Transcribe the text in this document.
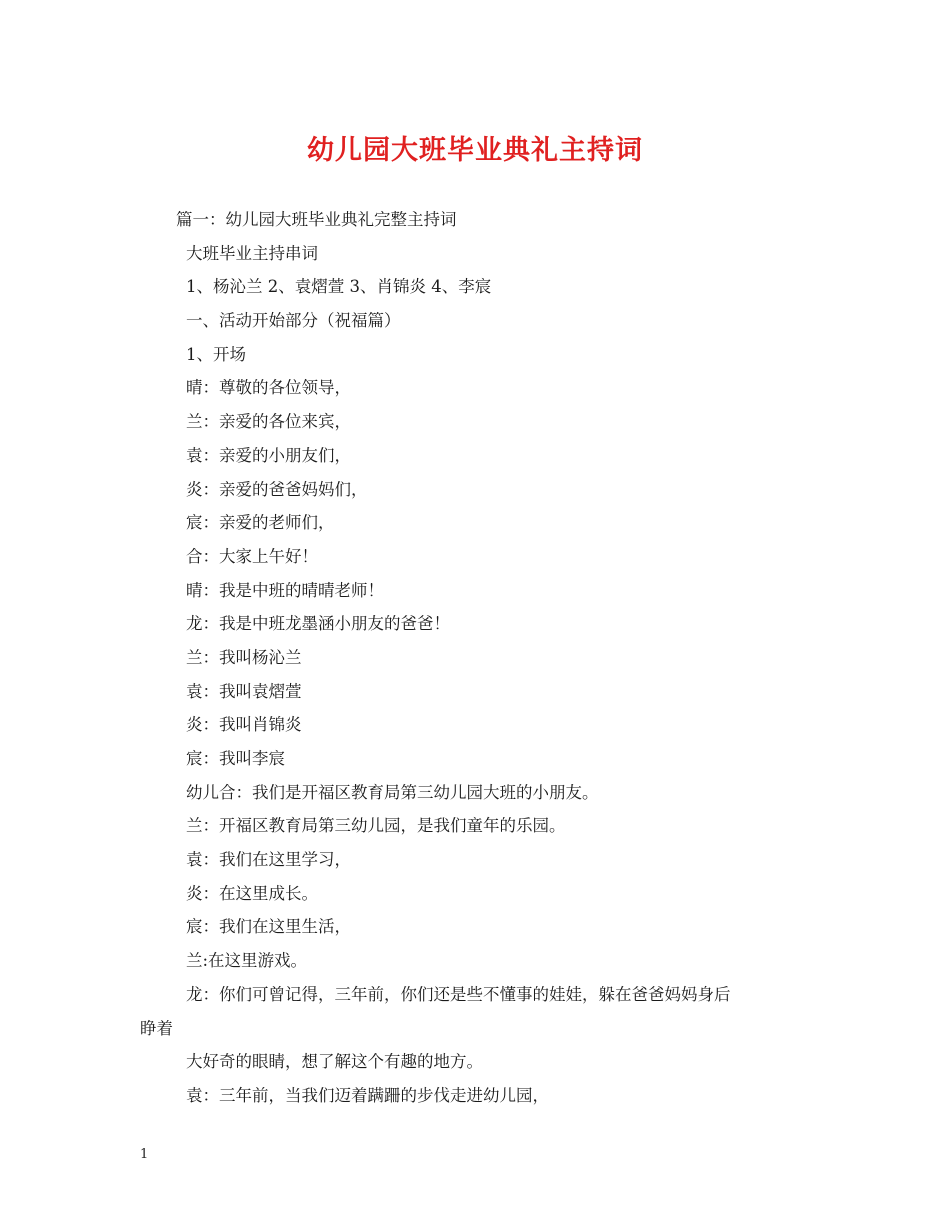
幼儿园大班毕业典礼主持词
篇一：幼儿园大班毕业典礼完整主持词
大班毕业主持串词
1、杨沁兰 2、袁熠萱 3、肖锦炎 4、李宸
一、活动开始部分（祝福篇）
1、开场
晴：尊敬的各位领导，
兰：亲爱的各位来宾，
袁：亲爱的小朋友们，
炎：亲爱的爸爸妈妈们，
宸：亲爱的老师们，
合：大家上午好！
晴：我是中班的晴晴老师！
龙：我是中班龙墨涵小朋友的爸爸！
兰：我叫杨沁兰
袁：我叫袁熠萱
炎：我叫肖锦炎
宸：我叫李宸
幼儿合：我们是开福区教育局第三幼儿园大班的小朋友。
兰：开福区教育局第三幼儿园，是我们童年的乐园。
袁：我们在这里学习，
炎：在这里成长。
宸：我们在这里生活，
兰:在这里游戏。
龙：你们可曾记得，三年前，你们还是些不懂事的娃娃，躲在爸爸妈妈身后
睁着
大好奇的眼睛，想了解这个有趣的地方。
袁：三年前，当我们迈着蹒跚的步伐走进幼儿园，
1
